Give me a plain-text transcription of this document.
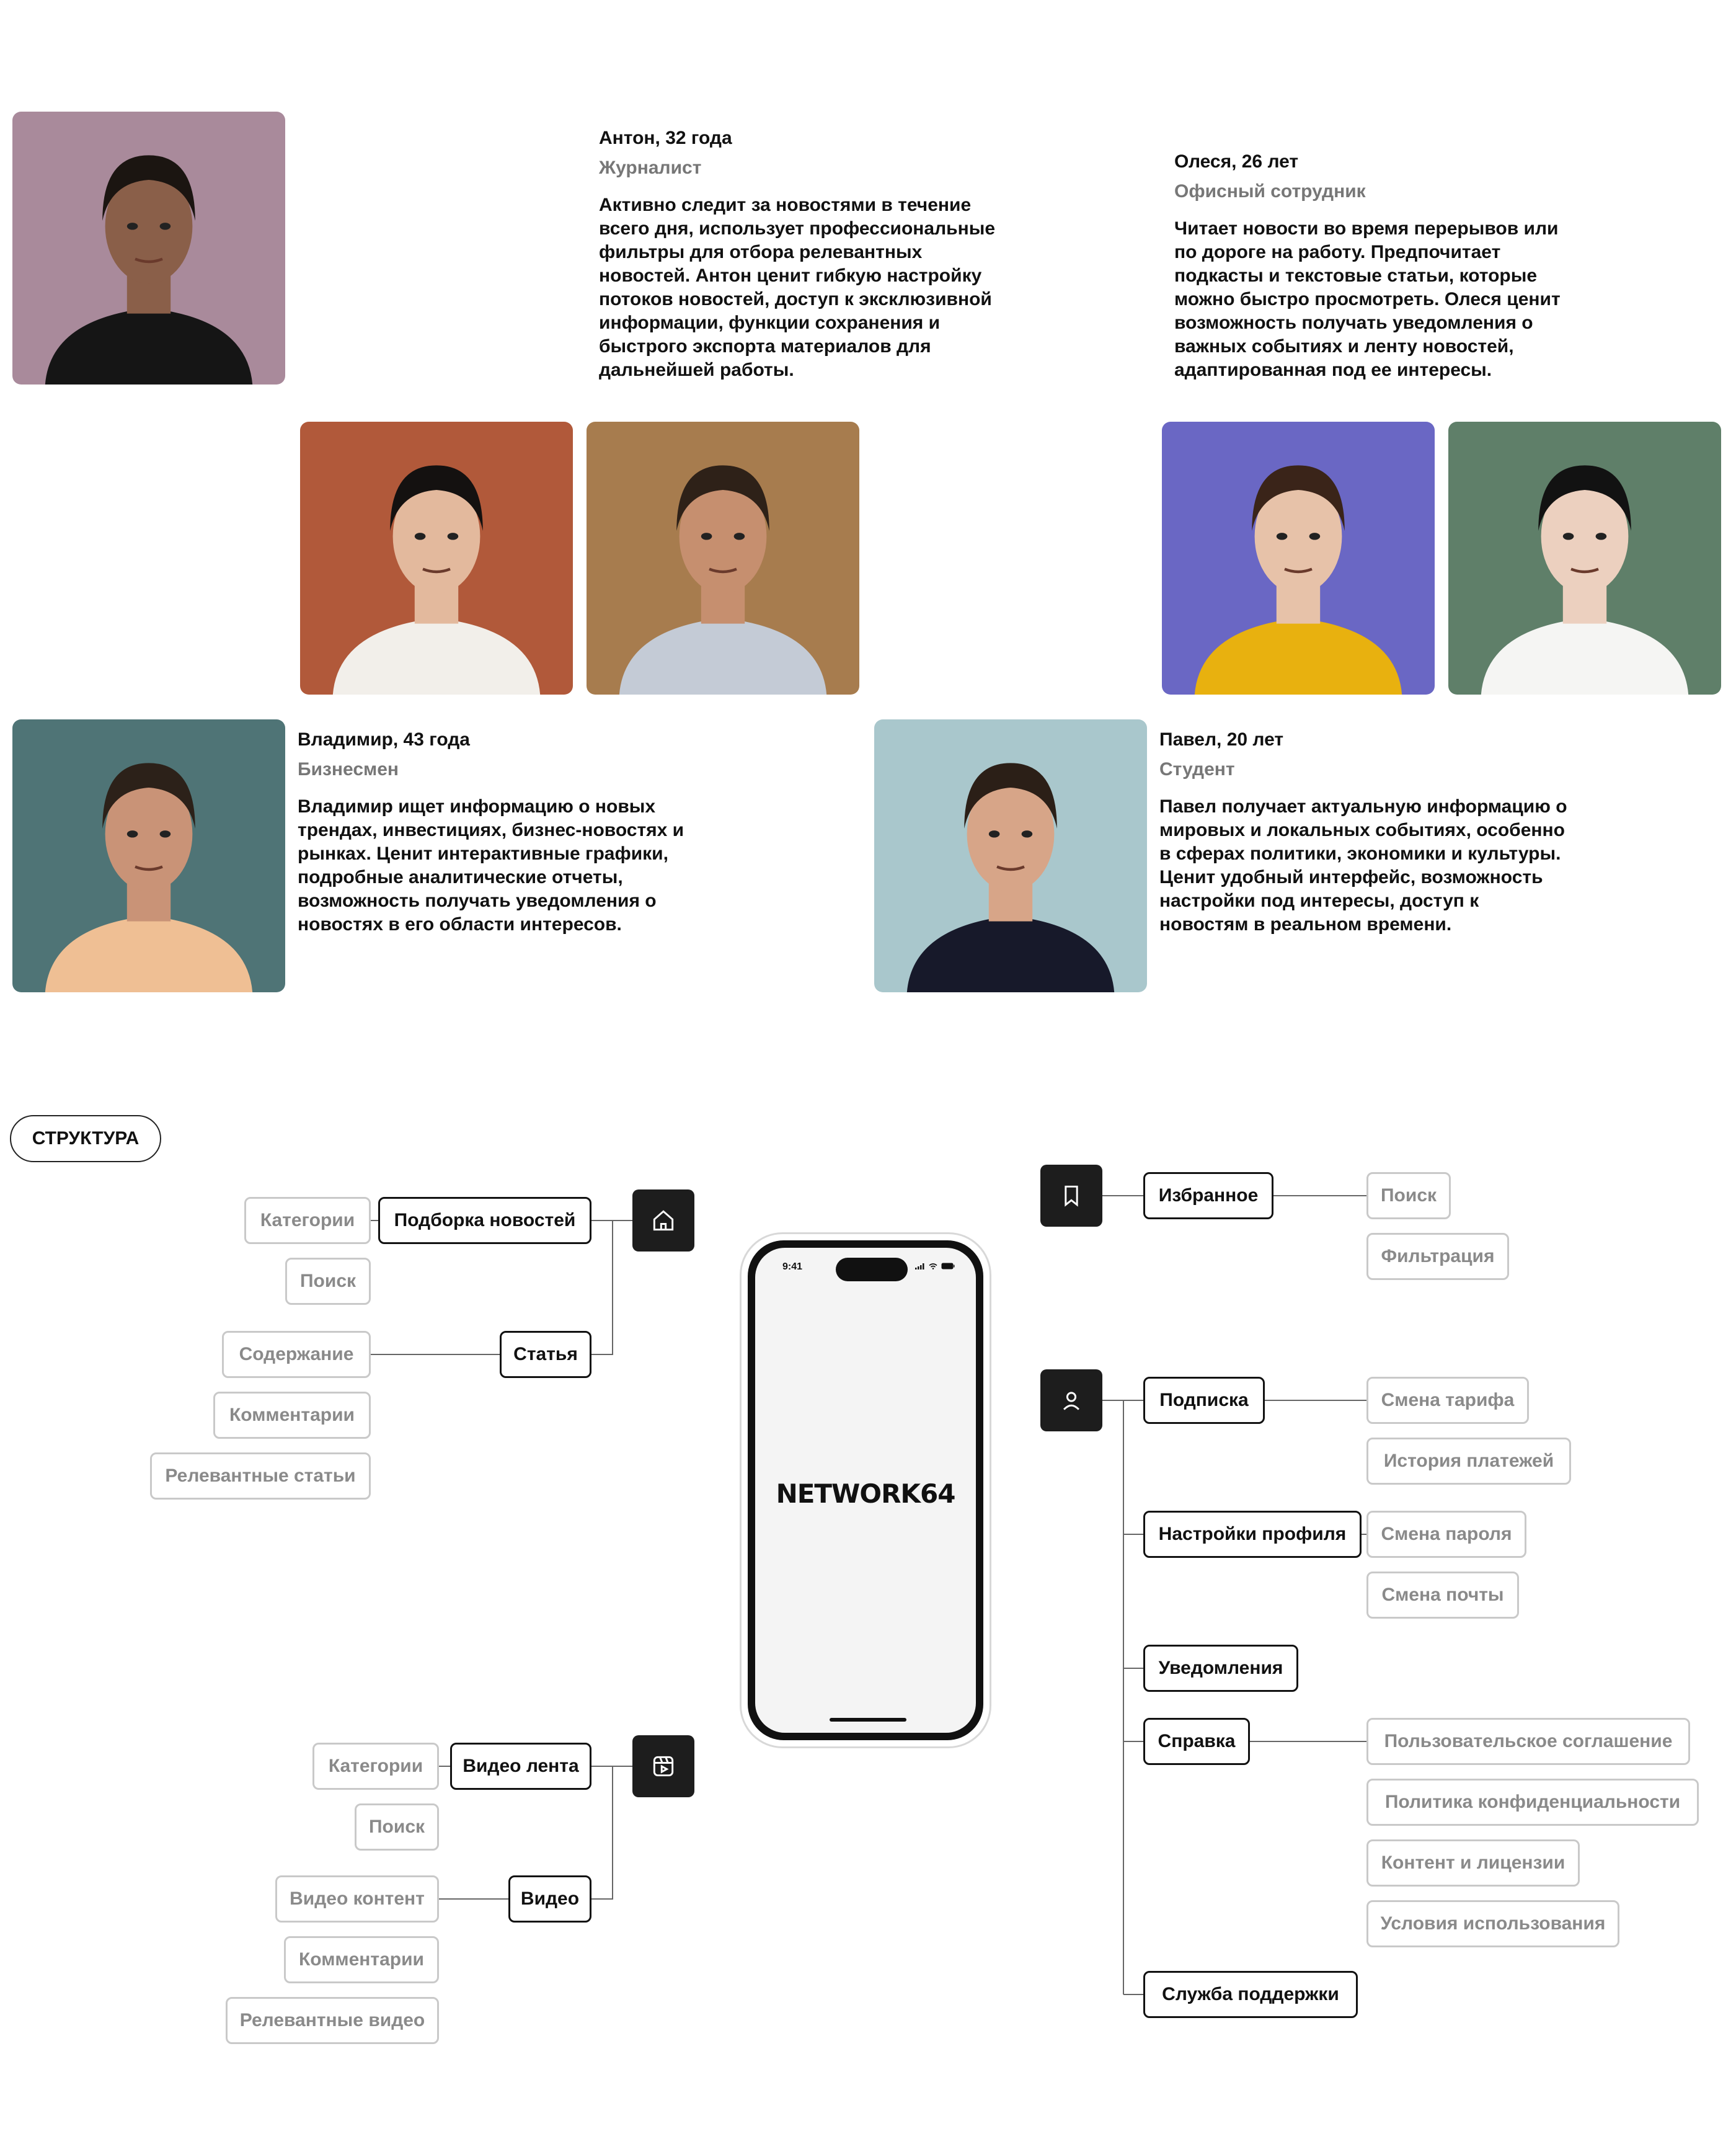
Антон, 32 года

Журналист

Активно следит за новостями в течение всего дня, использует профессиональные фильтры для отбора релевантных новостей. Антон ценит гибкую настройку потоков новостей, доступ к эксклюзивной информации, функции сохранения и быстрого экспорта материалов для дальнейшей работы.

Олеся, 26 лет

Офисный сотрудник

Читает новости во время перерывов или по дороге на работу. Предпочитает подкасты и текстовые статьи, которые можно быстро просмотреть. Олеся ценит возможность получать уведомления о важных событиях и ленту новостей, адаптированная под ее интересы.

Владимир, 43 года

Бизнесмен

Владимир ищет информацию о новых трендах, инвестициях, бизнес-новостях и рынках. Ценит интерактивные графики, подробные аналитические отчеты, возможность получать уведомления о новостях в его области интересов.

Павел, 20 лет

Студент

Павел получает актуальную информацию о мировых и локальных событиях, особенно в сферах политики, экономики и культуры. Ценит удобный интерфейс, возможность настройки под интересы, доступ к новостям в реальном времени.

СТРУКТУРА
Категории	Подборка новостей
Поиск
Содержание	Статья
Комментарии
Релевантные статьи
Категории	Видео лента
Поиск
Видео контент	Видео
Комментарии
Релевантные видео
9:41
NETWORK64
Избранное	Поиск
Фильтрация
Подписка	Смена тарифа
История платежей
Настройки профиля	Смена пароля
Смена почты
Уведомления
Справка	Пользовательское соглашение
Политика конфиденциальности
Контент и лицензии
Условия использования
Служба поддержки
